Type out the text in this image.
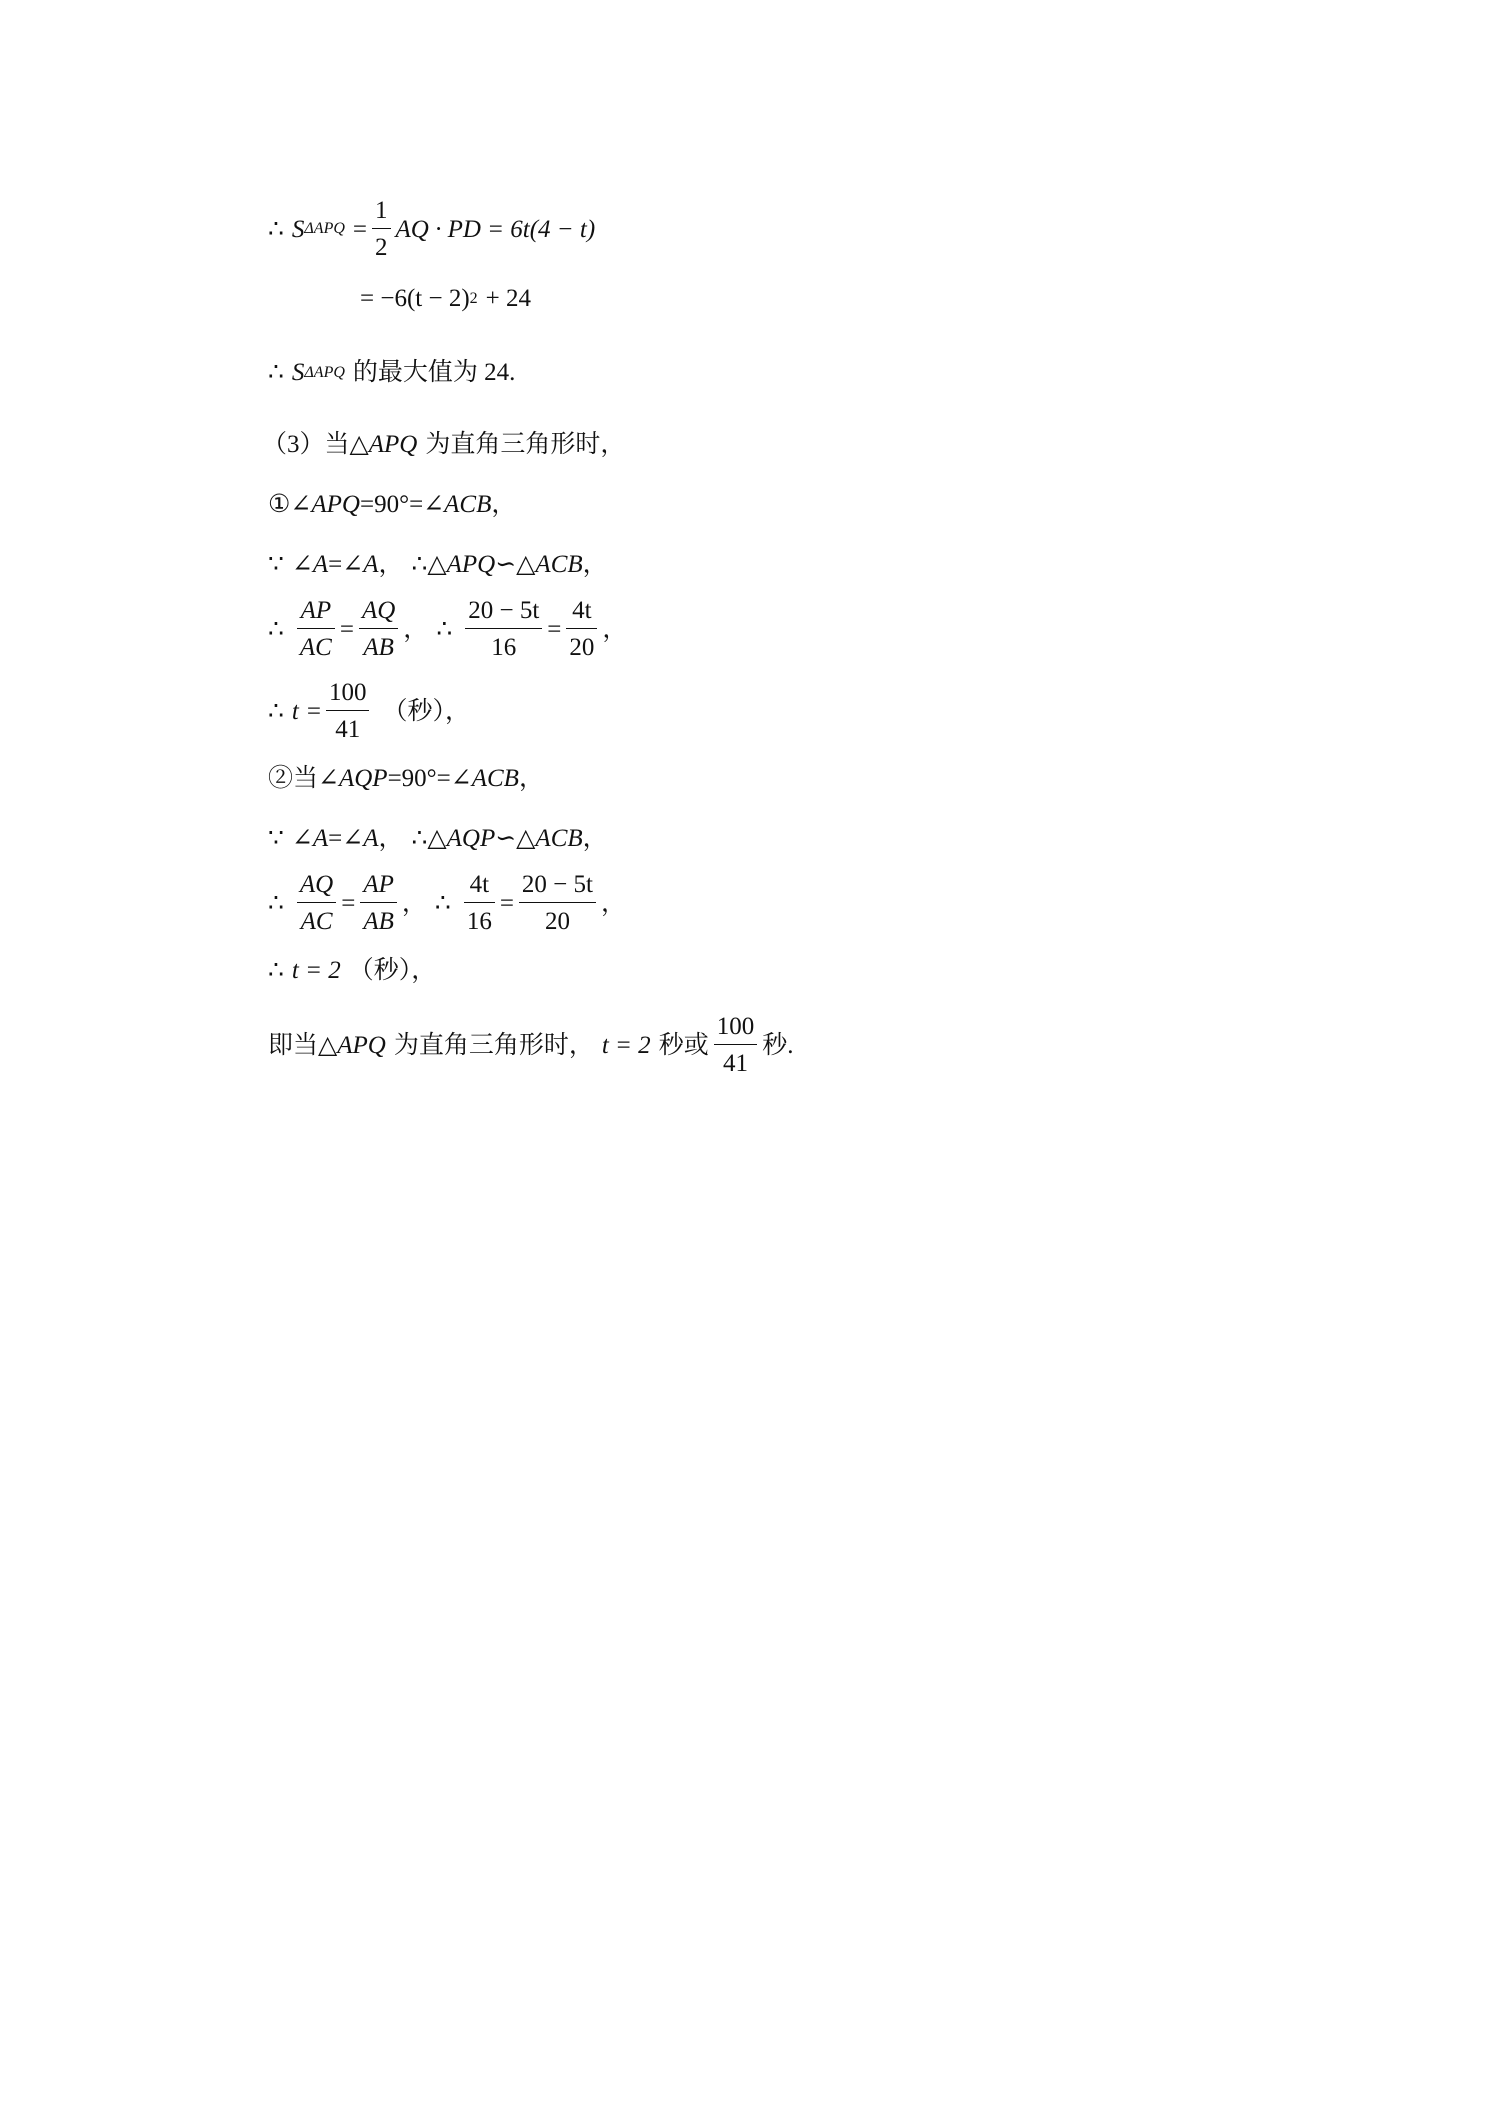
∴ S $\Delta APQ = \frac{1}{2}$ AQ · PD = 6t(4 − t)
= −6(t − 2) 2 + 24
∴ S ΔAPQ 的最大值为 24.
（3）当△ APQ 为直角三角形时，
①∠ APQ =90°=∠ ACB ，
∵ ∠ A =∠ A ， ∴ △ APQ ∽△ ACB ，
∴ $\frac{AP}{AC} = \frac{AQ}{AB}$ ， ∴ $\frac{20 - 5t}{16} = \frac{4t}{20}$ ，
∴ $t = \frac{100}{41}$ （秒），
②当∠ AQP =90°=∠ ACB ，
∵ ∠ A =∠ A ， ∴ △ AQP ∽△ ACB ，
∴ $\frac{AQ}{AC} = \frac{AP}{AB}$ ， ∴ $\frac{4t}{16} = \frac{20 - 5t}{20}$ ，
∴ t = 2 （秒），
即当△ APQ 为直角三角形时， t = 2 秒或 $\frac{100}{41}$ 秒.
